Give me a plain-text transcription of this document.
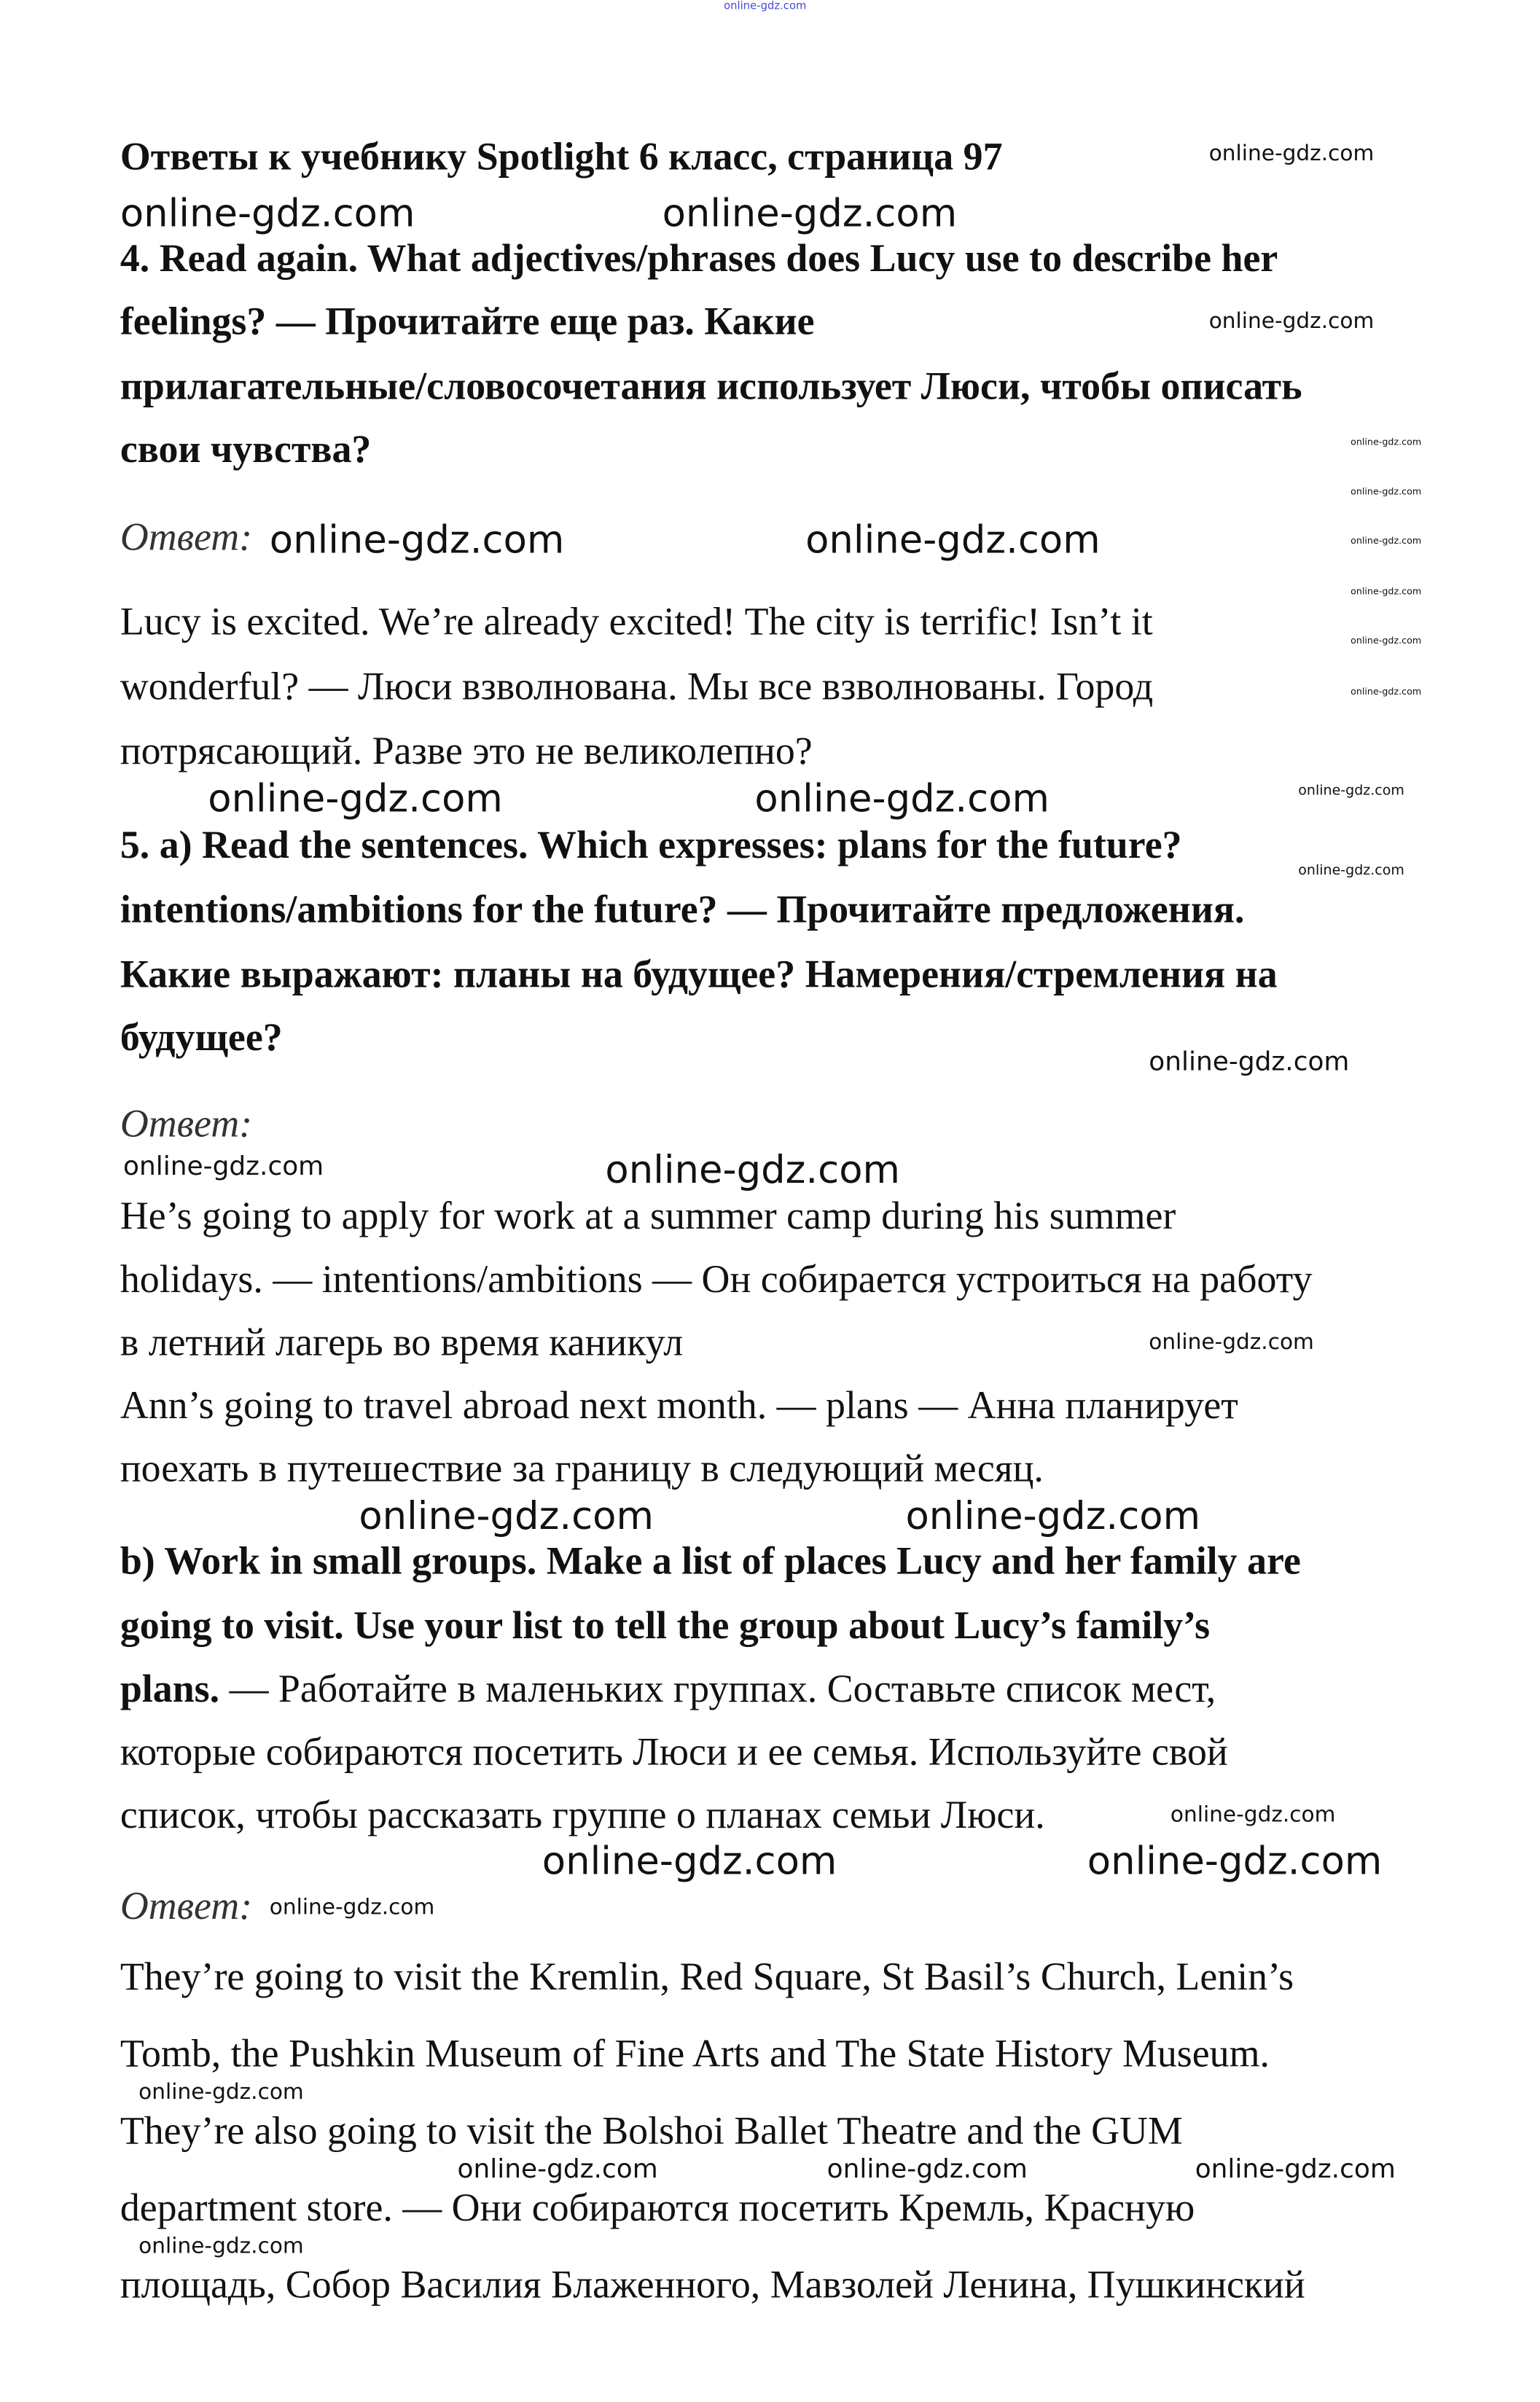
online-gdz.com
Ответы к учебнику Spotlight 6 класс, страница 97	online-gdz.com
online-gdz.com	online-gdz.com
4. Read again. What adjectives/phrases does Lucy use to describe her
feelings? — Прочитайте еще раз. Какие	online-gdz.com
прилагательные/словосочетания использует Люси, чтобы описать
свои чувства?	online-gdz.com
online-gdz.com
online-gdz.com
online-gdz.com
online-gdz.com
online-gdz.com
Ответ: online-gdz.com	online-gdz.com
Lucy is excited. We’re already excited! The city is terrific! Isn’t it
wonderful? — Люси взволнована. Мы все взволнованы. Город
потрясающий. Разве это не великолепно?
online-gdz.com	online-gdz.com	online-gdz.com
online-gdz.com
5. a) Read the sentences. Which expresses: plans for the future?
intentions/ambitions for the future? — Прочитайте предложения.
Какие выражают: планы на будущее? Намерения/стремления на
будущее?
online-gdz.com
Ответ:
online-gdz.com	online-gdz.com
He’s going to apply for work at a summer camp during his summer
holidays. — intentions/ambitions — Он собирается устроиться на работу
в летний лагерь во время каникул	online-gdz.com
Ann’s going to travel abroad next month. — plans — Анна планирует
поехать в путешествие за границу в следующий месяц.
online-gdz.com	online-gdz.com
b) Work in small groups. Make a list of places Lucy and her family are
going to visit. Use your list to tell the group about Lucy’s family’s
plans. — Работайте в маленьких группах. Составьте список мест,
которые собираются посетить Люси и ее семья. Используйте свой
список, чтобы рассказать группе о планах семьи Люси.	online-gdz.com
online-gdz.com	online-gdz.com
Ответ: online-gdz.com
They’re going to visit the Kremlin, Red Square, St Basil’s Church, Lenin’s
Tomb, the Pushkin Museum of Fine Arts and The State History Museum.
online-gdz.com
They’re also going to visit the Bolshoi Ballet Theatre and the GUM
online-gdz.com	online-gdz.com	online-gdz.com
department store. — Они собираются посетить Кремль, Красную
online-gdz.com
площадь, Собор Василия Блаженного, Мавзолей Ленина, Пушкинский
